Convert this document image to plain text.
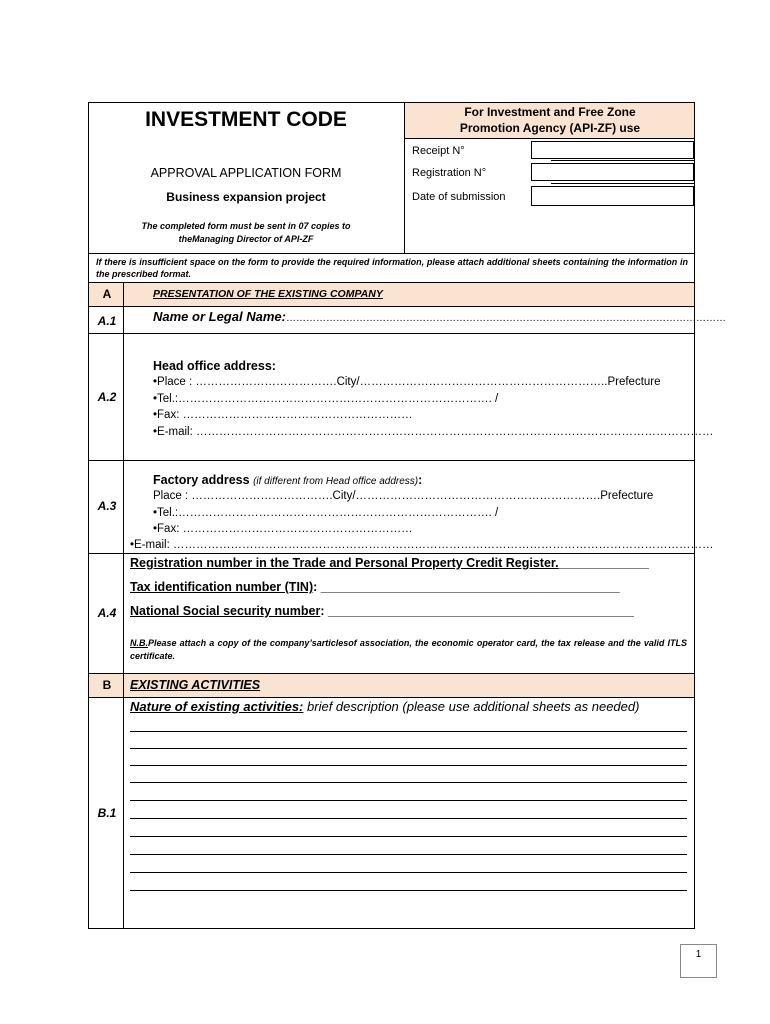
INVESTMENT CODE
APPROVAL APPLICATION FORM
Business expansion project
The completed form must be sent in 07 copies to
theManaging Director of API-ZF
For Investment and Free Zone
Promotion Agency (API-ZF) use
Receipt N°
Registration N°
Date of submission
If there is insufficient space on the form to provide the required information, please attach additional sheets containing the information in the prescribed format.
A	PRESENTATION OF THE EXISTING COMPANY
A.1	Name or Legal Name:……………………………………………………………………………………………………………………
A.2
Head office address:
•Place : ……………………………….City/………………………………………………………..Prefecture
•Tel.:………………………………………………………………………. /
•Fax: ……………………………………………………
•E-mail: ………………………………………………………………………………………………………………………
A.3
Factory address (if different from Head office address):
Place : ……………………………….City/……………………………………………………….Prefecture
•Tel.:………………………………………………………………………. /
•Fax: ……………………………………………………
•E-mail: ……………………………………………………………………………………………………………………………
A.4
Registration number in the Trade and Personal Property Credit Register._____________
Tax identification number (TIN): ___________________________________________
National Social security number: ____________________________________________
N.B.Please attach a copy of the company’sarticlesof association, the economic operator card, the tax release and the valid ITLS certificate.
B	EXISTING ACTIVITIES
B.1
Nature of existing activities: brief description (please use additional sheets as needed)
1
